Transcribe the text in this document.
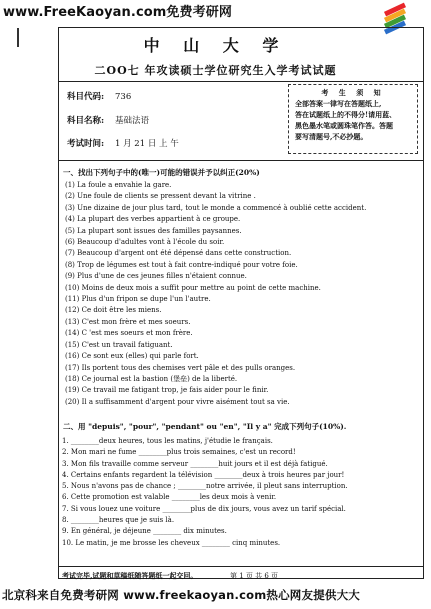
www.FreeKaoyan.com免费考研网
中 山 大 学
二OO七 年攻读硕士学位研究生入学考试试题
科目代码: 736
科目名称: 基础法语
考试时间: 1 月 21 日 上 午
考 生 须 知
全部答案一律写在答题纸上,
答在试题纸上的不得分!请用蓝、
黑色墨水笔或圆珠笔作答。答题
要写清题号,不必抄题。
一、找出下列句子中的(唯一)可能的错误并予以纠正(20%)
(1) La foule a envahie la gare.
(2) Une foule de clients se pressent devant la vitrine .
(3) Une dizaine de jour plus tard, tout le monde a commencé à oublié cette accident.
(4) La plupart des verbes appartient à ce groupe.
(5) La plupart sont issues des familles paysannes.
(6) Beaucoup d'adultes vont à l'école du soir.
(7) Beaucoup d'argent ont été dépensé dans cette construction.
(8) Trop de légumes est tout à fait contre-indiqué pour votre foie.
(9) Plus d'une de ces jeunes filles n'étaient connue.
(10) Moins de deux mois a suffit pour mettre au point de cette machine.
(11) Plus d'un fripon se dupe l'un l'autre.
(12) Ce doit être les miens.
(13) C'est mon frère et mes soeurs.
(14) C 'est mes soeurs et mon frère.
(15) C'est un travail fatiguant.
(16) Ce sont eux (elles) qui parle fort.
(17) Ils portent tous des chemises vert pâle et des pulls oranges.
(18) Ce journal est la bastion (堡垒) de la liberté.
(19) Ce travail me fatigant trop, je fais aider pour le finir.
(20) Il a suffisamment d'argent pour vivre aisément tout sa vie.
二、用 "depuis", "pour", "pendant" ou "en", "Il y a" 完成下列句子(10%).
1. ________deux heures, tous les matins, j'étudie le français.
2. Mon mari ne fume ________plus trois semaines, c'est un record!
3. Mon fils travaille comme serveur ________huit jours et il est déjà fatigué.
4. Certains enfants regardent la télévision ________deux à trois heures par jour!
5. Nous n'avons pas de chance ; ________notre arrivée, il pleut sans interruption.
6. Cette promotion est valable ________les deux mois à venir.
7. Si vous louez une voiture ________plus de dix jours, vous avez un tarif spécial.
8. ________heures que je suis là.
9. En général, je déjeune ________ dix minutes.
10. Le matin, je me brosse les cheveux ________ cinq minutes.
考试完毕,试题和草稿纸随答题纸一起交回。	第 1 页 共 6 页
北京科来自免费考研网 www.freekaoyan.com热心网友提供大大
